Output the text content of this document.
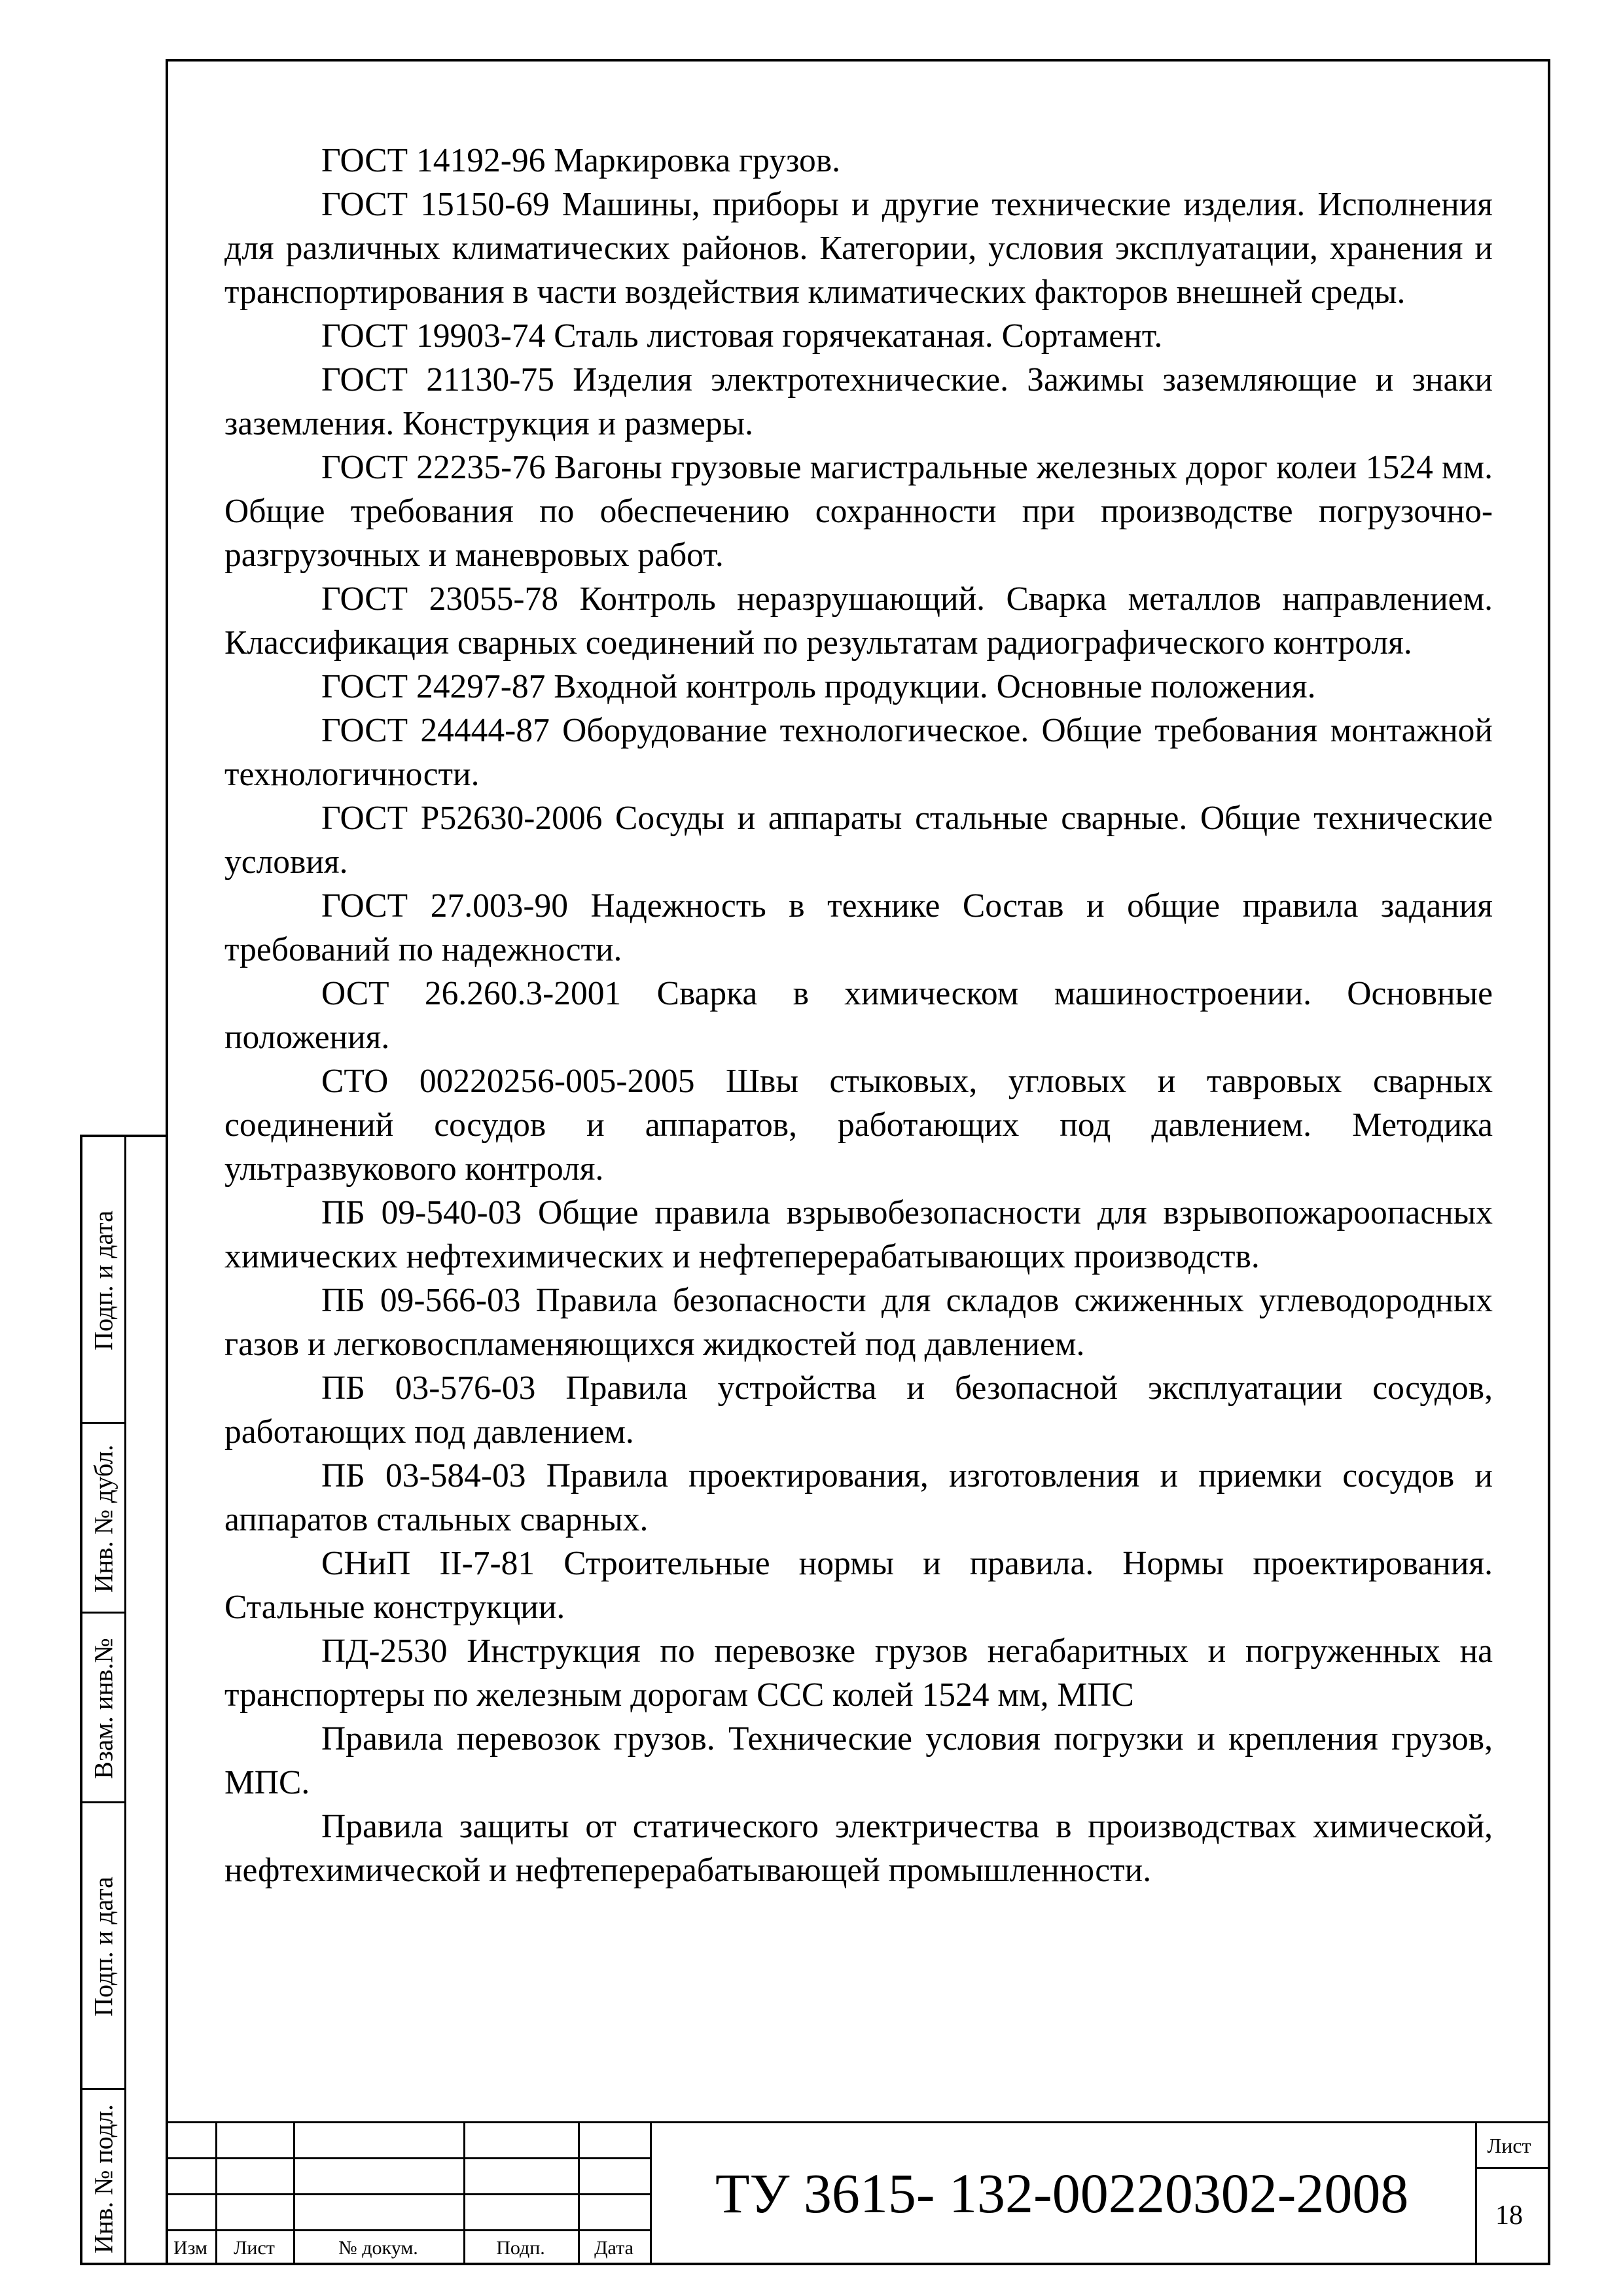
ГОСТ 14192-96 Маркировка грузов.

ГОСТ 15150-69 Машины, приборы и другие технические изделия. Исполнения для различных климатических районов. Категории, условия эксплуатации, хранения и транспортирования в части воздействия климатических факторов внешней среды.

ГОСТ 19903-74 Сталь листовая горячекатаная. Сортамент.

ГОСТ 21130-75 Изделия электротехнические. Зажимы заземляющие и знаки заземления. Конструкция и размеры.

ГОСТ 22235-76 Вагоны грузовые магистральные железных дорог колеи 1524 мм. Общие требования по обеспечению сохранности при производстве погрузочно-разгрузочных и маневровых работ.

ГОСТ 23055-78 Контроль неразрушающий. Сварка металлов направлением. Классификация сварных соединений по результатам радиографического контроля.

ГОСТ 24297-87 Входной контроль продукции. Основные положения.

ГОСТ 24444-87 Оборудование технологическое. Общие требования монтажной технологичности.

ГОСТ Р52630-2006 Сосуды и аппараты стальные сварные. Общие технические условия.

ГОСТ 27.003-90 Надежность в технике Состав и общие правила задания требований по надежности.

ОСТ 26.260.3-2001 Сварка в химическом машиностроении. Основные положения.

СТО 00220256-005-2005 Швы стыковых, угловых и тавровых сварных соединений сосудов и аппаратов, работающих под давлением. Методика ультразвукового контроля.

ПБ 09-540-03 Общие правила взрывобезопасности для взрывопожароопасных химических нефтехимических и нефтеперерабатывающих производств.

ПБ 09-566-03 Правила безопасности для складов сжиженных углеводородных газов и легковоспламеняющихся жидкостей под давлением.

ПБ 03-576-03 Правила устройства и безопасной эксплуатации сосудов, работающих под давлением.

ПБ 03-584-03 Правила проектирования, изготовления и приемки сосудов и аппаратов стальных сварных.

СНиП II-7-81 Строительные нормы и правила. Нормы проектирования. Стальные конструкции.

ПД-2530 Инструкция по перевозке грузов негабаритных и погруженных на транспортеры по железным дорогам ССС колей 1524 мм, МПС

Правила перевозок грузов. Технические условия погрузки и крепления грузов, МПС.

Правила защиты от статического электричества в производствах химической, нефтехимической и нефтеперерабатывающей промышленности.

Подп. и дата
Инв. № дубл.
Взам. инв.№
Подп. и дата
Инв. № подл.	Изм	Лист	№ докум.	Подп.	Дата
ТУ 3615- 132-00220302-2008
Лист
18
